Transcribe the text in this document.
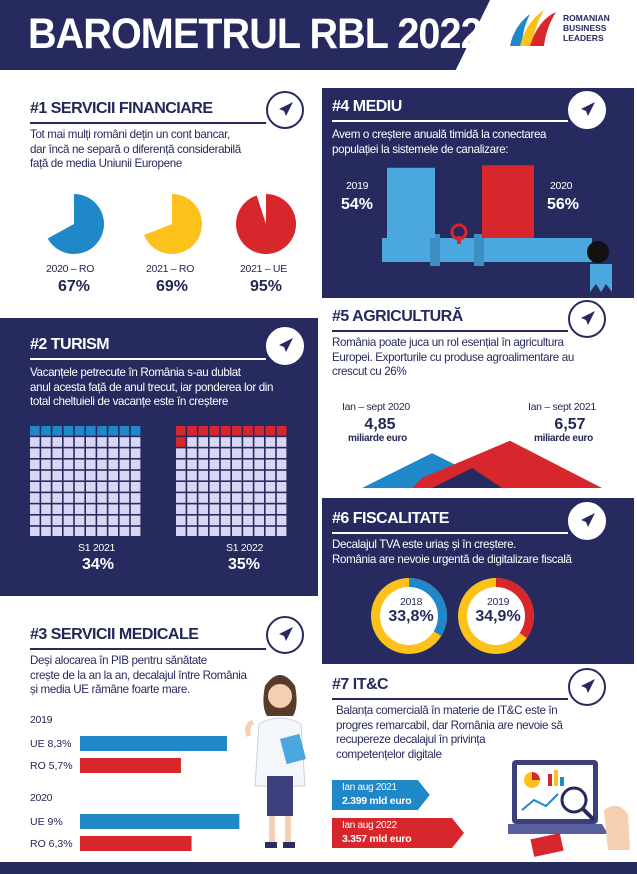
BAROMETRUL RBL 2022	ROMANIAN
BUSINESS
LEADERS
#1 SERVICII FINANCIARE
Tot mai mulți români dețin un cont bancar,
dar încă ne separă o diferență considerabilă
față de media Uniunii Europene
2020 – RO
67%
2021 – RO
69%
2021 – UE
95%
#2 TURISM
Vacanțele petrecute în România s-au dublat
anul acesta față de anul trecut, iar ponderea lor din
total cheltuieli de vacanțe este în creștere
S1 2021
34%
S1 2022
35%
#3 SERVICII MEDICALE
Deși alocarea în PIB pentru sănătate
crește de la an la an, decalajul între România
și media UE rămâne foarte mare.
2019
2020
UE 8,3%
RO 5,7%
UE 9%
RO 6,3%
#4 MEDIU
Avem o creștere anuală timidă la conectarea
populației la sistemele de canalizare:
2019
54%
2020
56%
#5 AGRICULTURĂ
România poate juca un rol esențial în agricultura
Europei. Exporturile cu produse agroalimentare au
crescut cu 26%
Ian – sept 2020
4,85
miliarde euro
Ian – sept 2021
6,57
miliarde euro
#6 FISCALITATE
Decalajul TVA este uriaș și în creștere.
România are nevoie urgentă de digitalizare fiscală
2018
33,8%
2019
34,9%
#7 IT&C
Balanța comercială în materie de IT&C este în
progres remarcabil, dar România are nevoie să
recupereze decalajul în privința
competențelor digitale
Ian aug 2021
2.399 mld euro
Ian aug 2022
3.357 mld euro
